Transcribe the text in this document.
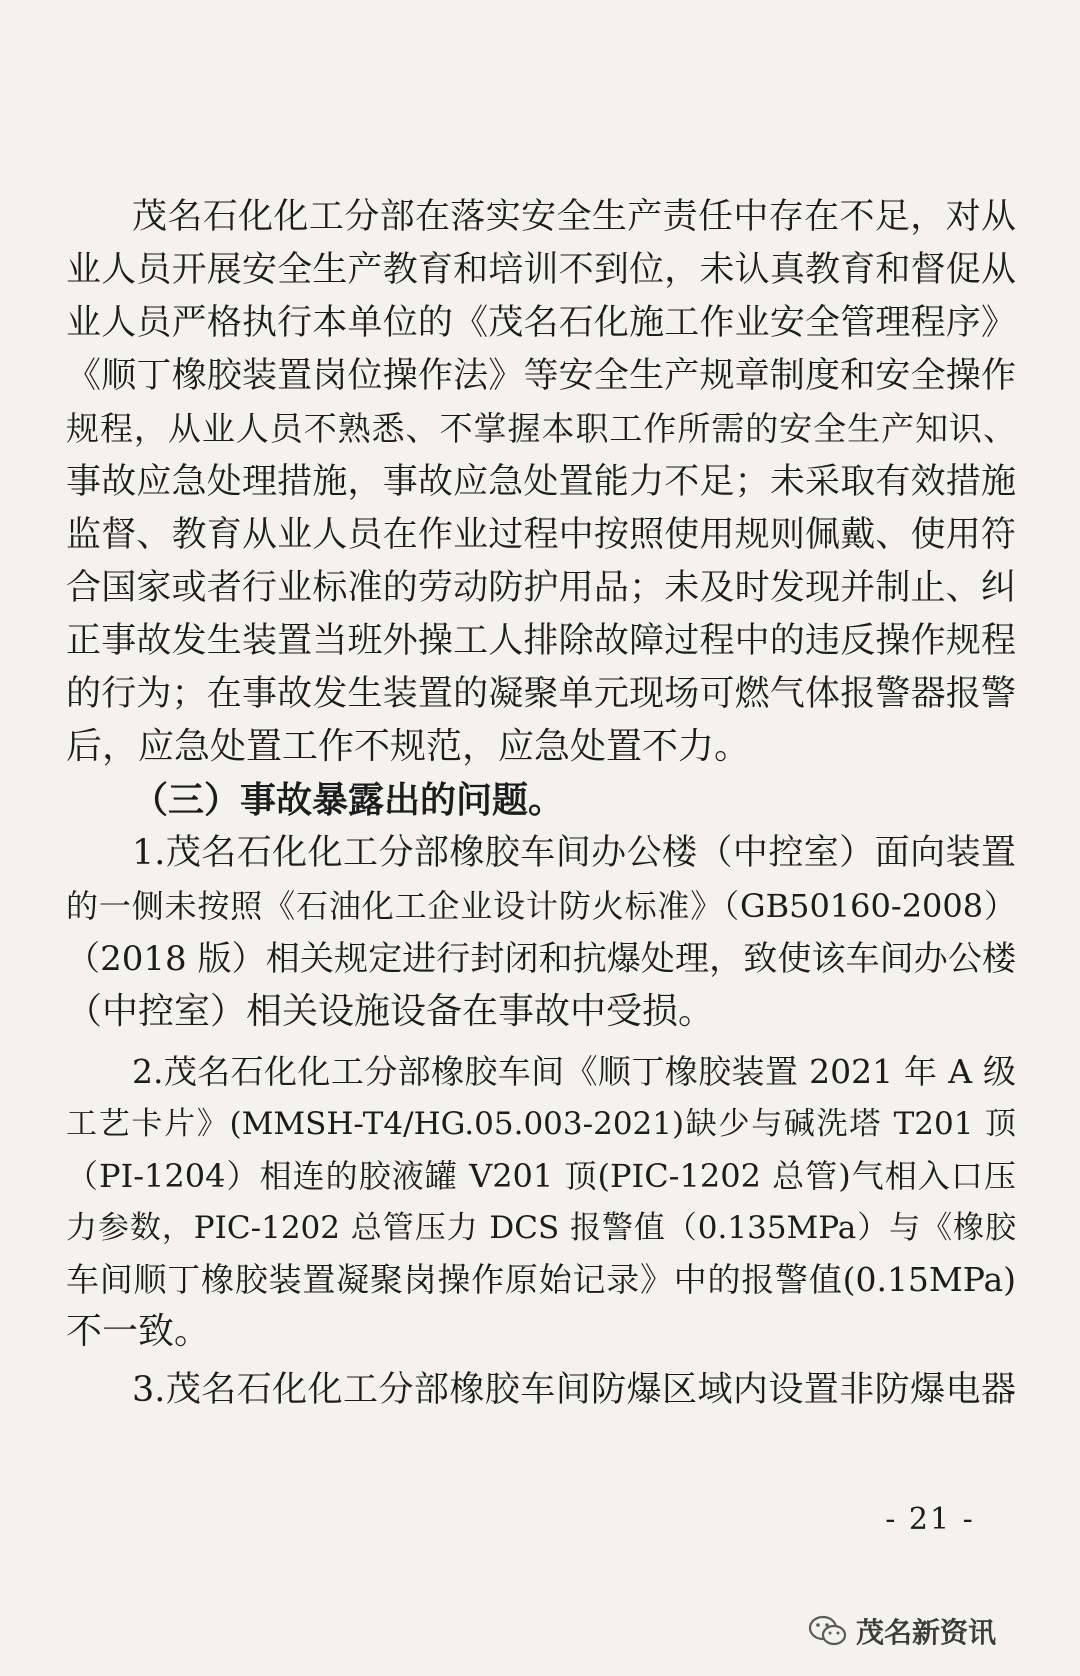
茂名石化化工分部在落实安全生产责任中存在不足，对从
业人员开展安全生产教育和培训不到位，未认真教育和督促从
业人员严格执行本单位的《茂名石化施工作业安全管理程序》
《顺丁橡胶装置岗位操作法》等安全生产规章制度和安全操作
规程，从业人员不熟悉、不掌握本职工作所需的安全生产知识、
事故应急处理措施，事故应急处置能力不足；未采取有效措施
监督、教育从业人员在作业过程中按照使用规则佩戴、使用符
合国家或者行业标准的劳动防护用品；未及时发现并制止、纠
正事故发生装置当班外操工人排除故障过程中的违反操作规程
的行为；在事故发生装置的凝聚单元现场可燃气体报警器报警
后，应急处置工作不规范，应急处置不力。
（三）事故暴露出的问题。
1.茂名石化化工分部橡胶车间办公楼（中控室）面向装置
的一侧未按照《石油化工企业设计防火标准》（GB50160-2008）
（2018 版）相关规定进行封闭和抗爆处理，致使该车间办公楼
（中控室）相关设施设备在事故中受损。
2.茂名石化化工分部橡胶车间《顺丁橡胶装置 2021 年 A 级
工艺卡片》(MMSH-T4/HG.05.003-2021)缺少与碱洗塔 T201 顶
（PI-1204）相连的胶液罐 V201 顶(PIC-1202 总管)气相入口压
力参数，PIC-1202 总管压力 DCS 报警值（0.135MPa）与《橡胶
车间顺丁橡胶装置凝聚岗操作原始记录》中的报警值(0.15MPa)
不一致。
3.茂名石化化工分部橡胶车间防爆区域内设置非防爆电器
- 21 -
茂名新资讯
